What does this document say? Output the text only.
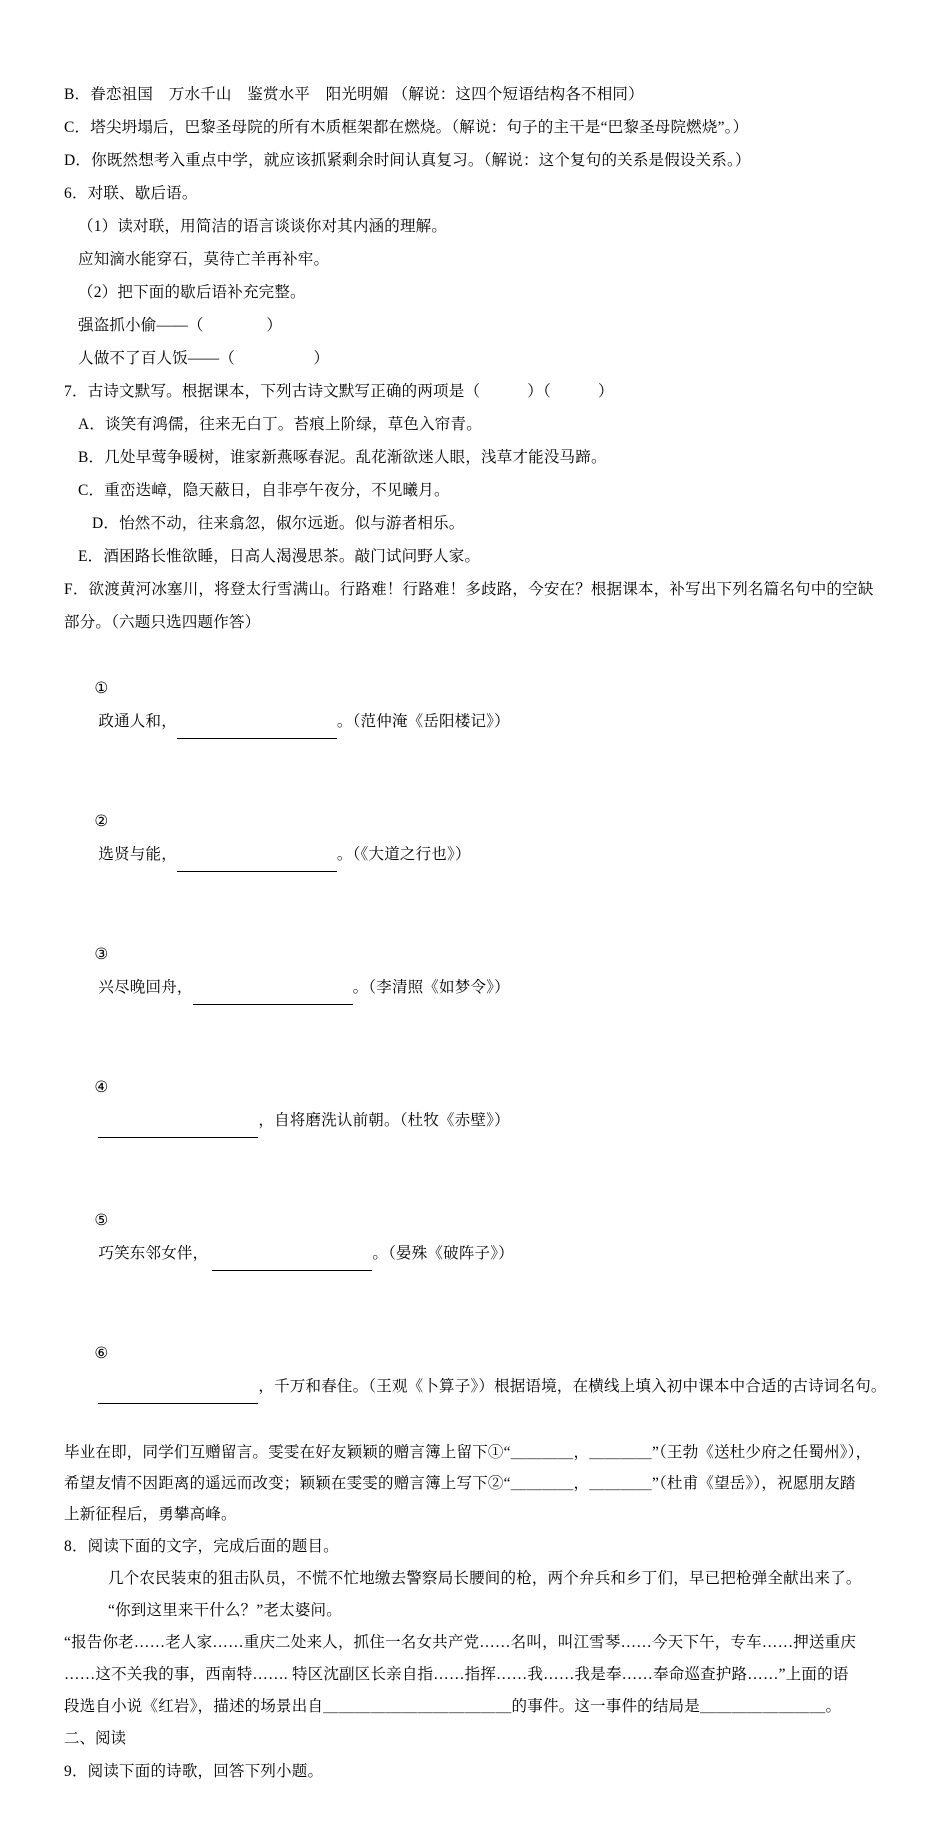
B．眷恋祖国　万水千山　鉴赏水平　阳光明媚 （解说：这四个短语结构各不相同）
C．塔尖坍塌后，巴黎圣母院的所有木质框架都在燃烧。（解说：句子的主干是“巴黎圣母院燃烧”。）
D．你既然想考入重点中学，就应该抓紧剩余时间认真复习。（解说：这个复句的关系是假设关系。）
6．对联、歇后语。
（1）读对联，用简洁的语言谈谈你对其内涵的理解。
应知滴水能穿石，莫待亡羊再补牢。
（2）把下面的歇后语补充完整。
强盗抓小偷——（　　　　）
人做不了百人饭——（　　　　　）
7．古诗文默写。根据课本，下列古诗文默写正确的两项是（　　　）（　　　）
A．谈笑有鸿儒，往来无白丁。苔痕上阶绿，草色入帘青。
B．几处早莺争暖树，谁家新燕啄春泥。乱花渐欲迷人眼，浅草才能没马蹄。
C．重峦迭嶂，隐天蔽日，自非亭午夜分，不见曦月。
D．怡然不动，往来翕忽，俶尔远逝。似与游者相乐。
E．酒困路长惟欲睡，日高人渴漫思茶。敲门试问野人家。
F．欲渡黄河冰塞川，将登太行雪满山。行路难！行路难！多歧路，今安在？根据课本，补写出下列名篇名句中的空缺
部分。（六题只选四题作答）

①
政通人和，	。（范仲淹《岳阳楼记》）

②
选贤与能，	。（《大道之行也》）

③
兴尽晚回舟，	。（李清照《如梦令》）

④
，自将磨洗认前朝。（杜牧《赤壁》）

⑤
巧笑东邻女伴，	。（晏殊《破阵子》）

⑥
，千万和春住。（王观《卜算子》）根据语境，在横线上填入初中课本中合适的古诗词名句。

毕业在即，同学们互赠留言。雯雯在好友颖颖的赠言簿上留下①“＿＿＿＿，＿＿＿＿”（王勃《送杜少府之任蜀州》），
希望友情不因距离的遥远而改变；颖颖在雯雯的赠言簿上写下②“＿＿＿＿，＿＿＿＿”（杜甫《望岳》），祝愿朋友踏
上新征程后，勇攀高峰。
8．阅读下面的文字，完成后面的题目。
几个农民装束的狙击队员，不慌不忙地缴去警察局长腰间的枪，两个弁兵和乡丁们，早已把枪弹全献出来了。
“你到这里来干什么？”老太婆问。
“报告你老……老人家……重庆二处来人，抓住一名女共产党……名叫，叫江雪琴……今天下午，专车……押送重庆
……这不关我的事，西南特……. 特区沈副区长亲自指……指挥……我……我是奉……奉命巡查护路……”上面的语
段选自小说《红岩》，描述的场景出自＿＿＿＿＿＿＿＿＿＿＿＿的事件。这一事件的结局是＿＿＿＿＿＿＿＿。
二、阅读
9．阅读下面的诗歌，回答下列小题。
